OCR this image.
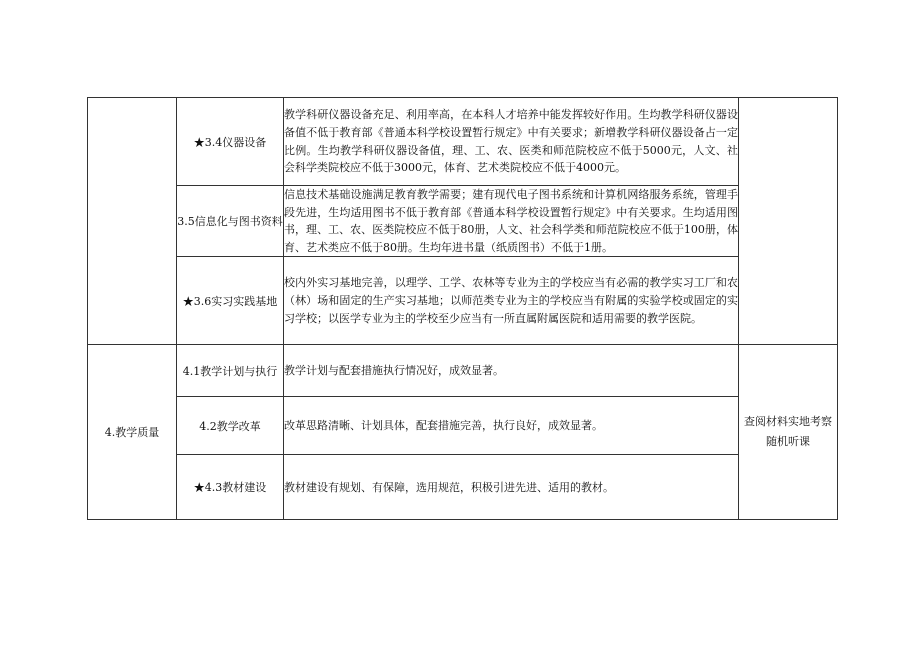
	★3.4仪器设备	教学科研仪器设备充足、利用率高，在本科人才培养中能发挥较好作用。生均教学科研仪器设备值不低于教育部《普通本科学校设置暂行规定》中有关要求；新增教学科研仪器设备占一定比例。生均教学科研仪器设备值，理、工、农、医类和师范院校应不低于5000元，人文、社会科学类院校应不低于3000元，体育、艺术类院校应不低于4000元。	
	3.5信息化与图书资料	信息技术基础设施满足教育教学需要；建有现代电子图书系统和计算机网络服务系统，管理手段先进，生均适用图书不低于教育部《普通本科学校设置暂行规定》中有关要求。生均适用图书，理、工、农、医类院校应不低于80册，人文、社会科学类和师范院校应不低于100册，体育、艺术类应不低于80册。生均年进书量（纸质图书）不低于1册。	
	★3.6实习实践基地	校内外实习基地完善，以理学、工学、农林等专业为主的学校应当有必需的教学实习工厂和农（林）场和固定的生产实习基地；以师范类专业为主的学校应当有附属的实验学校或固定的实习学校；以医学专业为主的学校至少应当有一所直属附属医院和适用需要的教学医院。	
4.教学质量	4.1教学计划与执行	教学计划与配套措施执行情况好，成效显著。	查阅材料实地考察
随机听课

	4.2教学改革	改革思路清晰、计划具体，配套措施完善，执行良好，成效显著。	
	★4.3教材建设	教材建设有规划、有保障，选用规范，积极引进先进、适用的教材。	
